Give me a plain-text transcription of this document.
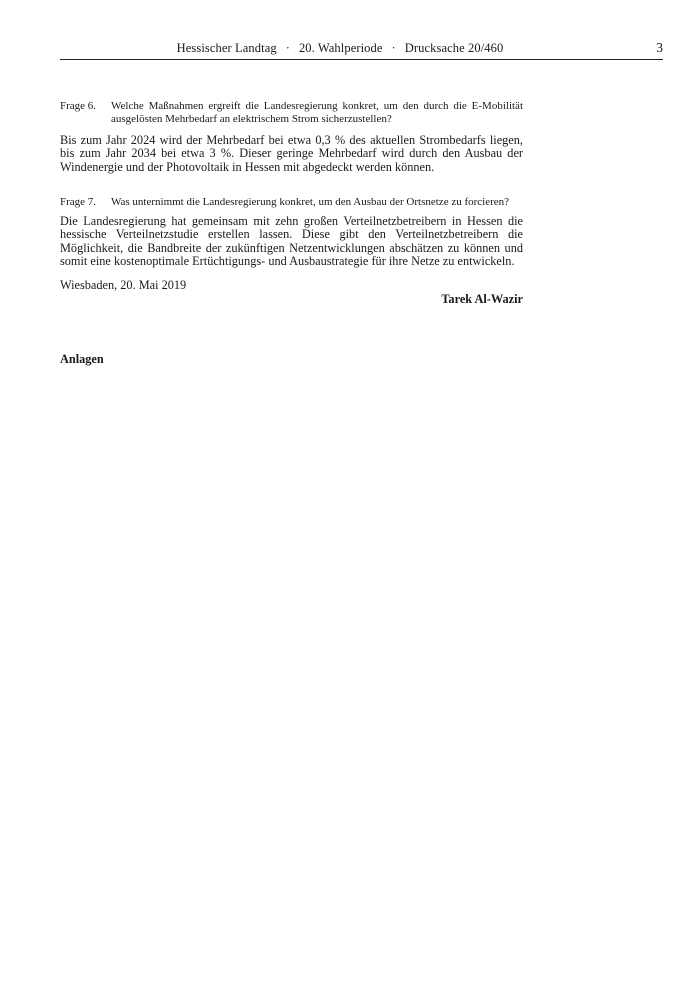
Hessischer Landtag · 20. Wahlperiode · Drucksache 20/460	3
Frage 6. Welche Maßnahmen ergreift die Landesregierung konkret, um den durch die E-Mobilität ausgelösten Mehrbedarf an elektrischem Strom sicherzustellen?
Bis zum Jahr 2024 wird der Mehrbedarf bei etwa 0,3 % des aktuellen Strombedarfs liegen, bis zum Jahr 2034 bei etwa 3 %. Dieser geringe Mehrbedarf wird durch den Ausbau der Windenergie und der Photovoltaik in Hessen mit abgedeckt werden können.
Frage 7. Was unternimmt die Landesregierung konkret, um den Ausbau der Ortsnetze zu forcieren?
Die Landesregierung hat gemeinsam mit zehn großen Verteilnetzbetreibern in Hessen die hessische Verteilnetzstudie erstellen lassen. Diese gibt den Verteilnetzbetreibern die Möglichkeit, die Bandbreite der zukünftigen Netzentwicklungen abschätzen zu können und somit eine kostenoptimale Ertüchtigungs- und Ausbaustrategie für ihre Netze zu entwickeln.
Wiesbaden, 20. Mai 2019
Tarek Al-Wazir
Anlagen
